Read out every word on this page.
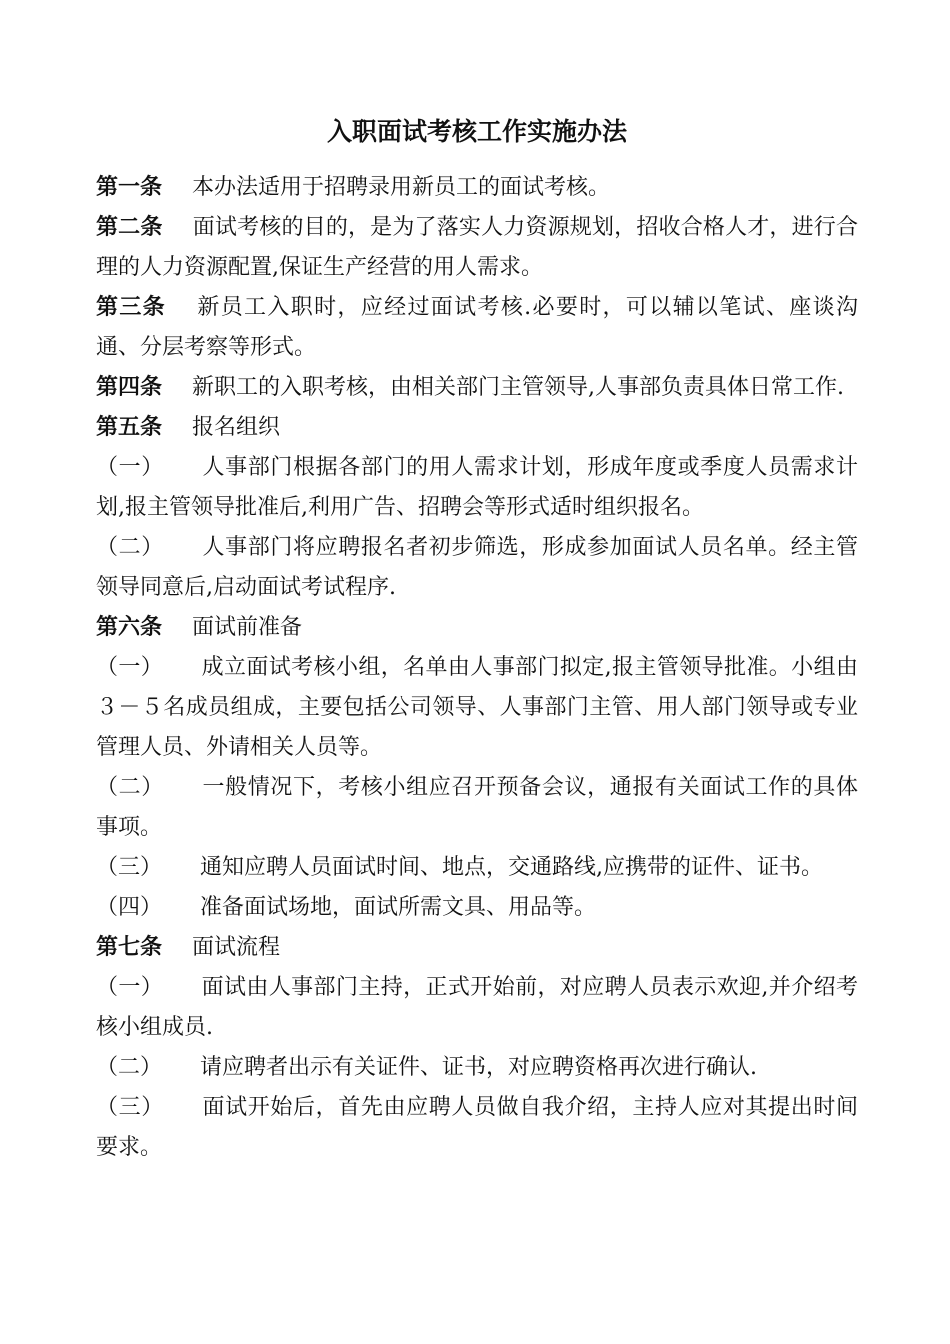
入职面试考核工作实施办法

第一条 本办法适用于招聘录用新员工的面试考核。

第二条 面试考核的目的，是为了落实人力资源规划，招收合格人才，进行合理的人力资源配置,保证生产经营的用人需求。

第三条 新员工入职时，应经过面试考核.必要时，可以辅以笔试、座谈沟通、分层考察等形式。

第四条 新职工的入职考核，由相关部门主管领导,人事部负责具体日常工作.

第五条 报名组织

（一） 人事部门根据各部门的用人需求计划，形成年度或季度人员需求计划,报主管领导批准后,利用广告、招聘会等形式适时组织报名。

（二） 人事部门将应聘报名者初步筛选，形成参加面试人员名单。经主管领导同意后,启动面试考试程序.

第六条 面试前准备

（一） 成立面试考核小组，名单由人事部门拟定,报主管领导批准。小组由３－５名成员组成，主要包括公司领导、人事部门主管、用人部门领导或专业管理人员、外请相关人员等。

（二） 一般情况下，考核小组应召开预备会议，通报有关面试工作的具体事项。

（三） 通知应聘人员面试时间、地点，交通路线,应携带的证件、证书。

（四） 准备面试场地，面试所需文具、用品等。

第七条 面试流程

（一） 面试由人事部门主持，正式开始前，对应聘人员表示欢迎,并介绍考核小组成员.

（二） 请应聘者出示有关证件、证书，对应聘资格再次进行确认.

（三） 面试开始后，首先由应聘人员做自我介绍，主持人应对其提出时间要求。
